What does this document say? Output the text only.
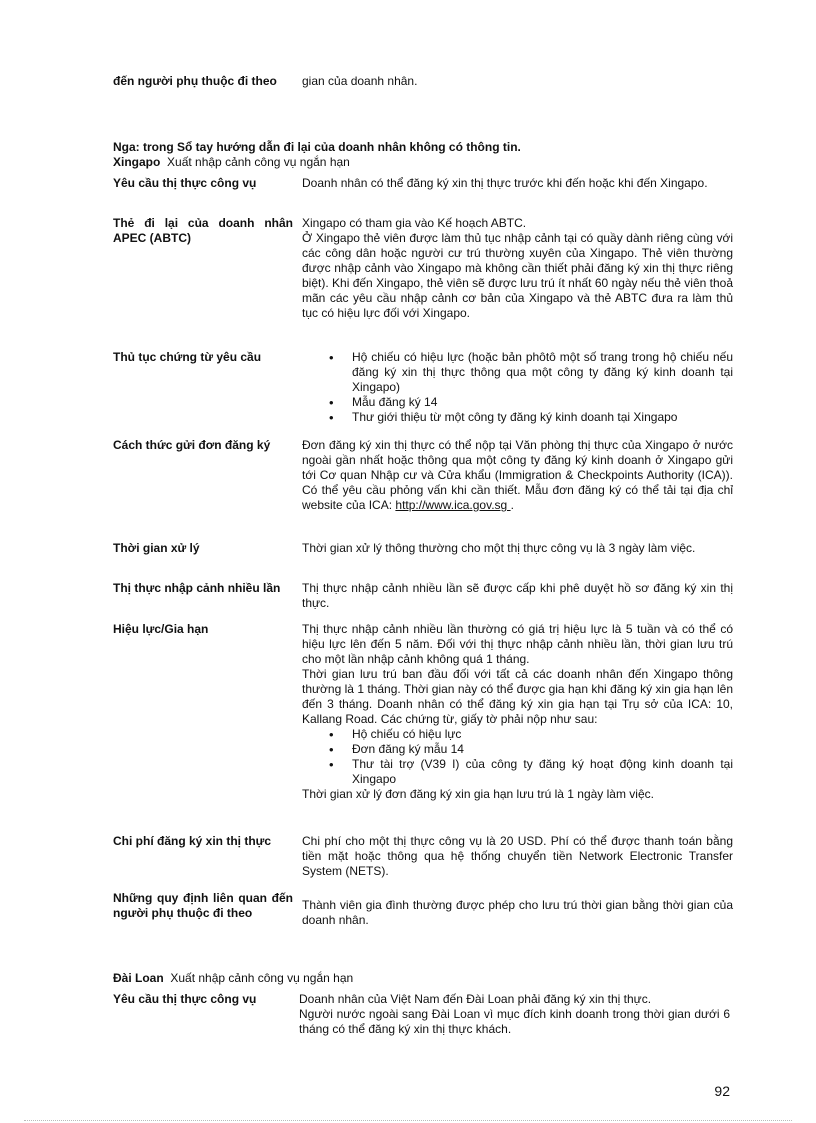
đến người phụ thuộc đi theo	gian của doanh nhân.
Nga: trong Sổ tay hướng dẫn đi lại của doanh nhân không có thông tin.
Xingapo Xuất nhập cảnh công vụ ngắn hạn
Yêu cầu thị thực công vụ	Doanh nhân có thể đăng ký xin thị thực trước khi đến hoặc khi đến Xingapo.
Thẻ đi lại của doanh nhân APEC (ABTC)

Xingapo có tham gia vào Kế hoạch ABTC.

Ở Xingapo thẻ viên được làm thủ tục nhập cảnh tại có quầy dành riêng cùng với các công dân hoặc người cư trú thường xuyên của Xingapo. Thẻ viên thường được nhập cảnh vào Xingapo mà không cần thiết phải đăng ký xin thị thực riêng biệt). Khi đến Xingapo, thẻ viên sẽ được lưu trú ít nhất 60 ngày nếu thẻ viên thoả mãn các yêu cầu nhập cảnh cơ bản của Xingapo và thẻ ABTC đưa ra làm thủ tục có hiệu lực đối với Xingapo.

Thủ tục chứng từ yêu cầu
•	Hộ chiếu có hiệu lực (hoặc bản phôtô một số trang trong hộ chiếu nếu đăng ký xin thị thực thông qua một công ty đăng ký kinh doanh tại Xingapo)
• Mẫu đăng ký 14
• Thư giới thiệu từ một công ty đăng ký kinh doanh tại Xingapo
Cách thức gửi đơn đăng ký	Đơn đăng ký xin thị thực có thể nộp tại Văn phòng thị thực của Xingapo ở nước ngoài gần nhất hoặc thông qua một công ty đăng ký kinh doanh ở Xingapo gửi tới Cơ quan Nhập cư và Cửa khẩu (Immigration & Checkpoints Authority (ICA)). Có thể yêu cầu phỏng vấn khi cần thiết. Mẫu đơn đăng ký có thể tải tại địa chỉ website của ICA: http://www.ica.gov.sg .
Thời gian xử lý	Thời gian xử lý thông thường cho một thị thực công vụ là 3 ngày làm việc.
Thị thực nhập cảnh nhiều lần	Thị thực nhập cảnh nhiều lần sẽ được cấp khi phê duyệt hồ sơ đăng ký xin thị thực.
Hiệu lực/Gia hạn	Thị thực nhập cảnh nhiều lần thường có giá trị hiệu lực là 5 tuần và có thể có hiệu lực lên đến 5 năm. Đối với thị thực nhập cảnh nhiều lần, thời gian lưu trú cho một lần nhập cảnh không quá 1 tháng.

Thời gian lưu trú ban đầu đối với tất cả các doanh nhân đến Xingapo thông thường là 1 tháng. Thời gian này có thể được gia hạn khi đăng ký xin gia hạn lên đến 3 tháng. Doanh nhân có thể đăng ký xin gia hạn tại Trụ sở của ICA: 10, Kallang Road. Các chứng từ, giấy tờ phải nộp như sau:

• Hộ chiếu có hiệu lực
• Đơn đăng ký mẫu 14
• Thư tài trợ (V39 I) của công ty đăng ký hoạt động kinh doanh tại Xingapo

Thời gian xử lý đơn đăng ký xin gia hạn lưu trú là 1 ngày làm việc.

Chi phí đăng ký xin thị thực	Chi phí cho một thị thực công vụ là 20 USD. Phí có thể được thanh toán bằng tiền mặt hoặc thông qua hệ thống chuyển tiền Network Electronic Transfer System (NETS).
Những quy định liên quan đến người phụ thuộc đi theo
Thành viên gia đình thường được phép cho lưu trú thời gian bằng thời gian của doanh nhân.
Đài Loan Xuất nhập cảnh công vụ ngắn hạn
Yêu cầu thị thực công vụ	Doanh nhân của Việt Nam đến Đài Loan phải đăng ký xin thị thực.

Người nước ngoài sang Đài Loan vì mục đích kinh doanh trong thời gian dưới 6 tháng có thể đăng ký xin thị thực khách.

92
